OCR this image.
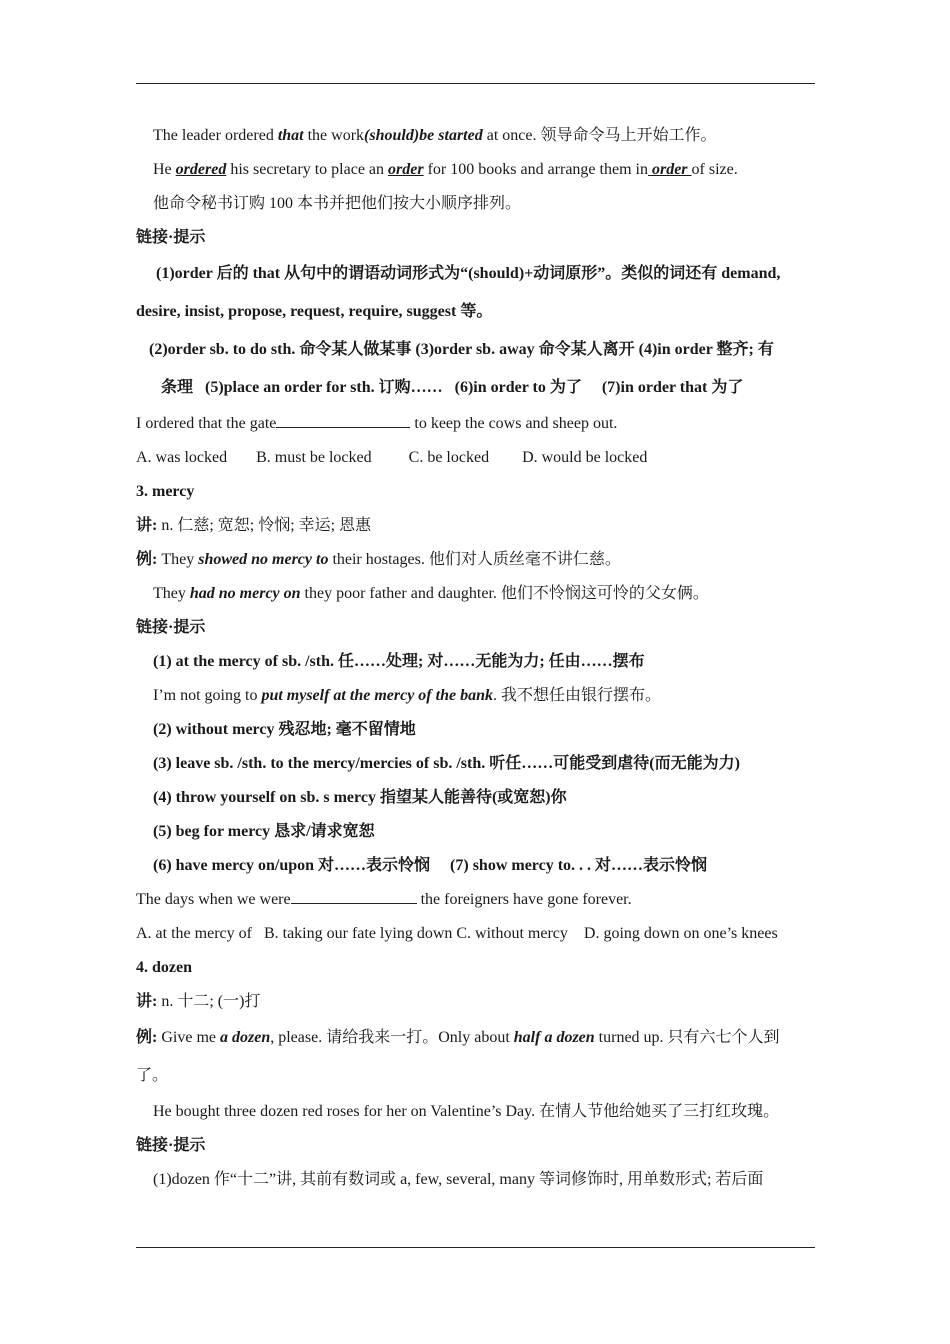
The leader ordered that the work(should)be started at once. 领导命令马上开始工作。
He ordered his secretary to place an order for 100 books and arrange them in order of size.
他命令秘书订购 100 本书并把他们按大小顺序排列。
链接·提示
(1)order 后的 that 从句中的谓语动词形式为“(should)+动词原形”。类似的词还有 demand,
desire, insist, propose, request, require, suggest 等。
(2)order sb. to do sth. 命令某人做某事 (3)order sb. away 命令某人离开 (4)in order 整齐; 有
条理   (5)place an order for sth. 订购……   (6)in order to 为了     (7)in order that 为了
I ordered that the gate	to keep the cows and sheep out.
A. was locked B. must be locked C. be locked D. would be locked
3. mercy
讲: n. 仁慈; 宽恕; 怜悯; 幸运; 恩惠
例: They showed no mercy to their hostages. 他们对人质丝毫不讲仁慈。
They had no mercy on they poor father and daughter. 他们不怜悯这可怜的父女俩。
链接·提示
(1) at the mercy of sb. /sth. 任……处理; 对……无能为力; 任由……摆布
I’m not going to put myself at the mercy of the bank. 我不想任由银行摆布。
(2) without mercy 残忍地; 毫不留情地
(3) leave sb. /sth. to the mercy/mercies of sb. /sth. 听任……可能受到虐待(而无能为力)
(4) throw yourself on sb. s mercy 指望某人能善待(或宽恕)你
(5) beg for mercy 恳求/请求宽恕
(6) have mercy on/upon 对……表示怜悯     (7) show mercy to. . . 对……表示怜悯
The days when we were	the foreigners have gone forever.
A. at the mercy of   B. taking our fate lying down C. without mercy    D. going down on one’s knees
4. dozen
讲: n. 十二; (一)打
例: Give me a dozen, please. 请给我来一打。Only about half a dozen turned up. 只有六七个人到
了。
He bought three dozen red roses for her on Valentine’s Day. 在情人节他给她买了三打红玫瑰。
链接·提示
(1)dozen 作“十二”讲, 其前有数词或 a, few, several, many 等词修饰时, 用单数形式; 若后面
